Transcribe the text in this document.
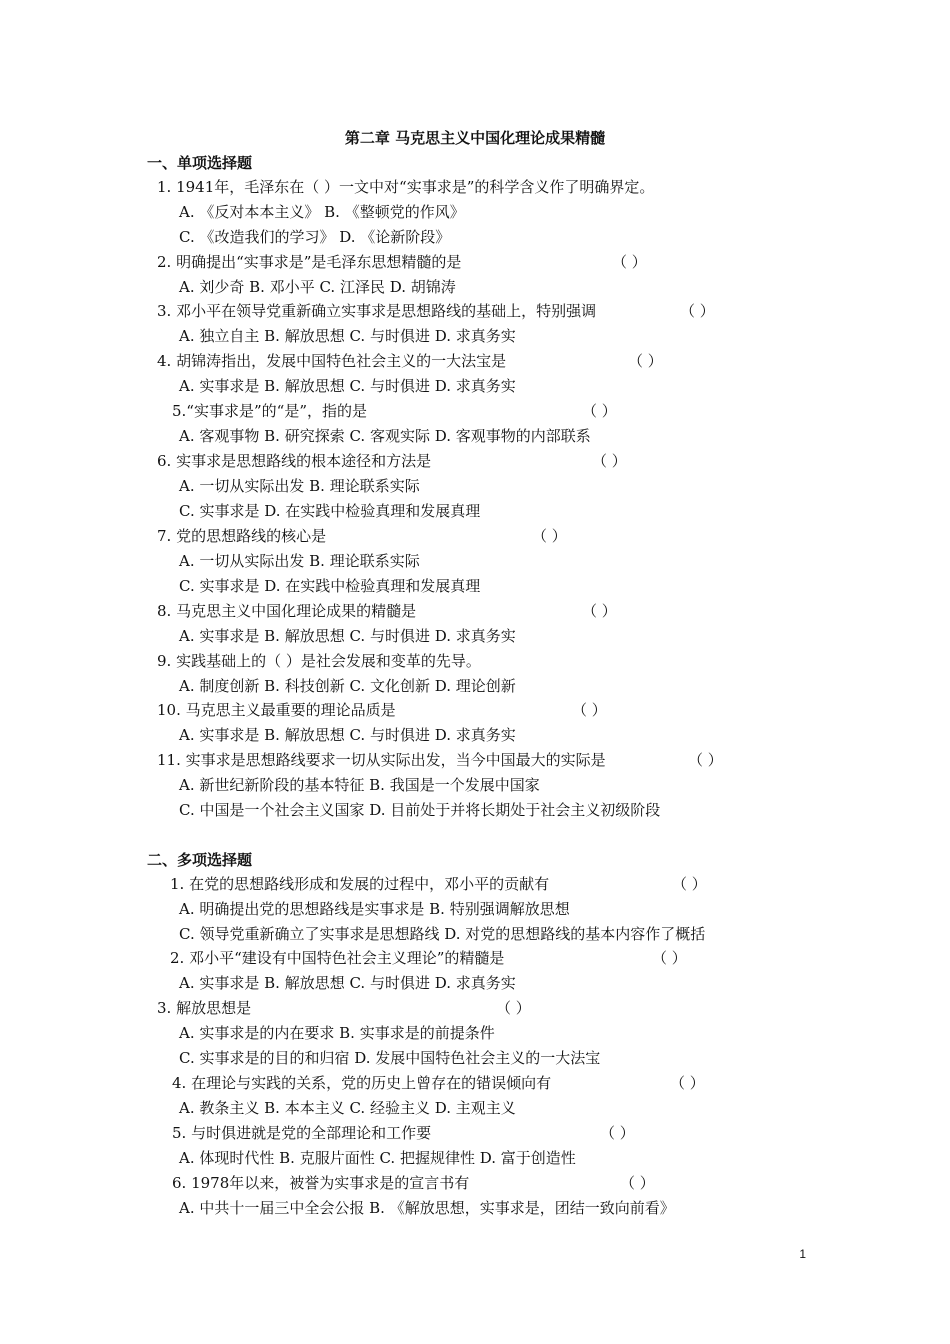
第二章 马克思主义中国化理论成果精髓
一、单项选择题
1. 1941年，毛泽东在（ ）一文中对“实事求是”的科学含义作了明确界定。
A. 《反对本本主义》 B. 《整顿党的作风》
C. 《改造我们的学习》 D. 《论新阶段》
2. 明确提出“实事求是”是毛泽东思想精髓的是	（ ）
A. 刘少奇 B. 邓小平 C. 江泽民 D. 胡锦涛
3. 邓小平在领导党重新确立实事求是思想路线的基础上，特别强调	（ ）
A. 独立自主 B. 解放思想 C. 与时俱进 D. 求真务实
4. 胡锦涛指出，发展中国特色社会主义的一大法宝是	（ ）
A. 实事求是 B. 解放思想 C. 与时俱进 D. 求真务实
5.“实事求是”的“是”，指的是	（ ）
A. 客观事物 B. 研究探索 C. 客观实际 D. 客观事物的内部联系
6. 实事求是思想路线的根本途径和方法是	（ ）
A. 一切从实际出发 B. 理论联系实际
C. 实事求是 D. 在实践中检验真理和发展真理
7. 党的思想路线的核心是	（ ）
A. 一切从实际出发 B. 理论联系实际
C. 实事求是 D. 在实践中检验真理和发展真理
8. 马克思主义中国化理论成果的精髓是	（ ）
A. 实事求是 B. 解放思想 C. 与时俱进 D. 求真务实
9. 实践基础上的（ ）是社会发展和变革的先导。
A. 制度创新 B. 科技创新 C. 文化创新 D. 理论创新
10. 马克思主义最重要的理论品质是	（ ）
A. 实事求是 B. 解放思想 C. 与时俱进 D. 求真务实
11. 实事求是思想路线要求一切从实际出发，当今中国最大的实际是	（ ）
A. 新世纪新阶段的基本特征 B. 我国是一个发展中国家
C. 中国是一个社会主义国家 D. 目前处于并将长期处于社会主义初级阶段
二、多项选择题
1. 在党的思想路线形成和发展的过程中，邓小平的贡献有	（ ）
A. 明确提出党的思想路线是实事求是 B. 特别强调解放思想
C. 领导党重新确立了实事求是思想路线 D. 对党的思想路线的基本内容作了概括
2. 邓小平“建设有中国特色社会主义理论”的精髓是	（ ）
A. 实事求是 B. 解放思想 C. 与时俱进 D. 求真务实
3. 解放思想是	（ ）
A. 实事求是的内在要求 B. 实事求是的前提条件
C. 实事求是的目的和归宿 D. 发展中国特色社会主义的一大法宝
4. 在理论与实践的关系，党的历史上曾存在的错误倾向有	（ ）
A. 教条主义 B. 本本主义 C. 经验主义 D. 主观主义
5. 与时俱进就是党的全部理论和工作要	（ ）
A. 体现时代性 B. 克服片面性 C. 把握规律性 D. 富于创造性
6. 1978年以来，被誉为实事求是的宣言书有	（ ）
A. 中共十一届三中全会公报 B. 《解放思想，实事求是，团结一致向前看》
1
